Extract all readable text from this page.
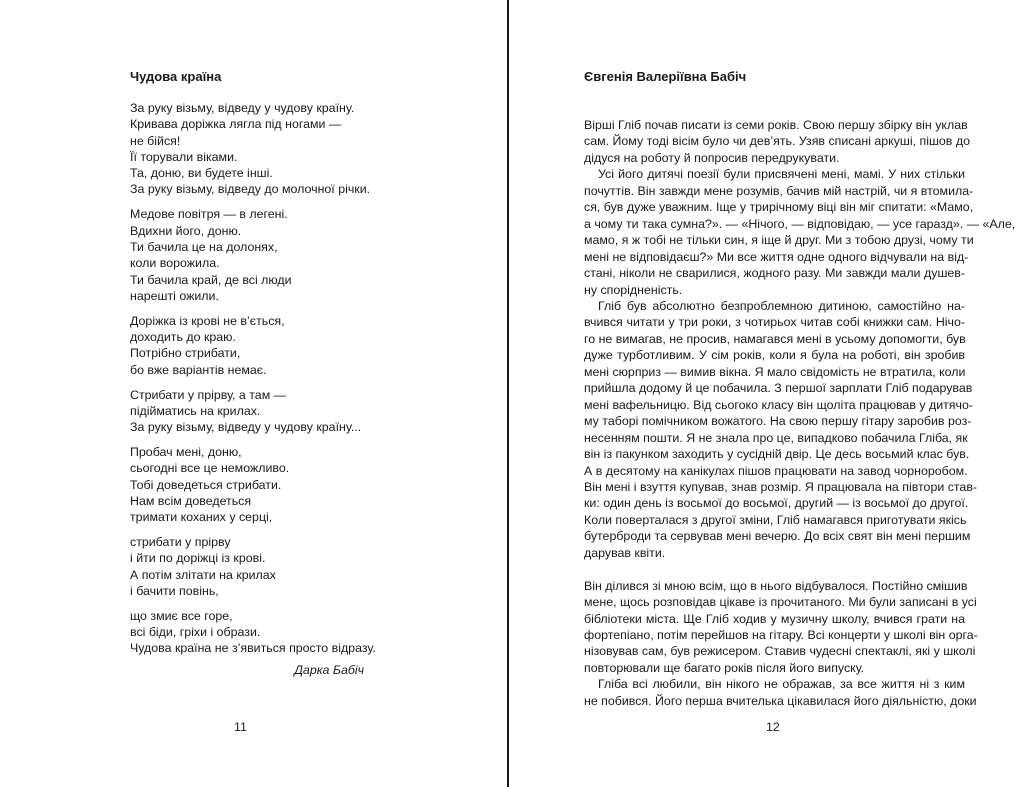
Чудова країна
За руку візьму, відведу у чудову країну.
Кривава доріжка лягла під ногами —
не бійся!
Її торували віками.
Та, доню, ви будете інші.
За руку візьму, відведу до молочної річки.
Медове повітря — в легені.
Вдихни його, доню.
Ти бачила це на долонях,
коли ворожила.
Ти бачила край, де всі люди
нарешті ожили.
Доріжка із крові не в’ється,
доходить до краю.
Потрібно стрибати,
бо вже варіантів немає.
Стрибати у прірву, а там —
підійматись на крилах.
За руку візьму, відведу у чудову країну...
Пробач мені, доню,
сьогодні все це неможливо.
Тобі доведеться стрибати.
Нам всім доведеться
тримати коханих у серці,
стрибати у прірву
і йти по доріжці із крові.
А потім злітати на крилах
і бачити повінь,
що змиє все горе,
всі біди, гріхи і образи.
Чудова країна не з’явиться просто відразу.
Дарка Бабіч
11
Євгенія Валеріївна Бабіч
Вірші Гліб почав писати із семи років. Свою першу збірку він уклав
сам. Йому тоді вісім було чи дев’ять. Узяв списані аркуші, пішов до
дідуся на роботу й попросив передрукувати.
Усі його дитячі поезії були присвячені мені, мамі. У них стільки
почуттів. Він завжди мене розумів, бачив мій настрій, чи я втомила-
ся, був дуже уважним. Іще у трирічному віці він міг спитати: «Мамо,
а чому ти така сумна?». — «Нічого, — відповідаю, — усе гаразд». — «Але,
мамо, я ж тобі не тільки син, я іще й друг. Ми з тобою друзі, чому ти
мені не відповідаєш?» Ми все життя одне одного відчували на від-
стані, ніколи не сварилися, жодного разу. Ми завжди мали душев-
ну спорідненість.
Гліб був абсолютно безпроблемною дитиною, самостійно на-
вчився читати у три роки, з чотирьох читав собі книжки сам. Нічо-
го не вимагав, не просив, намагався мені в усьому допомогти, був
дуже турботливим. У сім років, коли я була на роботі, він зробив
мені сюрприз — вимив вікна. Я мало свідомість не втратила, коли
прийшла додому й це побачила. З першої зарплати Гліб подарував
мені вафельницю. Від сьогоко класу він щоліта працював у дитячо-
му таборі помічником вожатого. На свою першу гітару заробив роз-
несенням пошти. Я не знала про це, випадково побачила Гліба, як
він із пакунком заходить у сусідній двір. Це десь восьмий клас був.
А в десятому на канікулах пішов працювати на завод чорноробом.
Він мені і взуття купував, знав розмір. Я працювала на півтори став-
ки: один день із восьмої до восьмої, другий — із восьмої до другої.
Коли поверталася з другої зміни, Гліб намагався приготувати якісь
бутерброди та сервував мені вечерю. До всіх свят він мені першим
дарував квіти.
Він ділився зі мною всім, що в нього відбувалося. Постійно смішив
мене, щось розповідав цікаве із прочитаного. Ми були записані в усі
бібліотеки міста. Ще Гліб ходив у музичну школу, вчився грати на
фортепіано, потім перейшов на гітару. Всі концерти у школі він орга-
нізовував сам, був режисером. Ставив чудесні спектаклі, які у школі
повторювали ще багато років після його випуску.
Гліба всі любили, він нікого не ображав, за все життя ні з ким
не побився. Його перша вчителька цікавилася його діяльністю, доки
12
